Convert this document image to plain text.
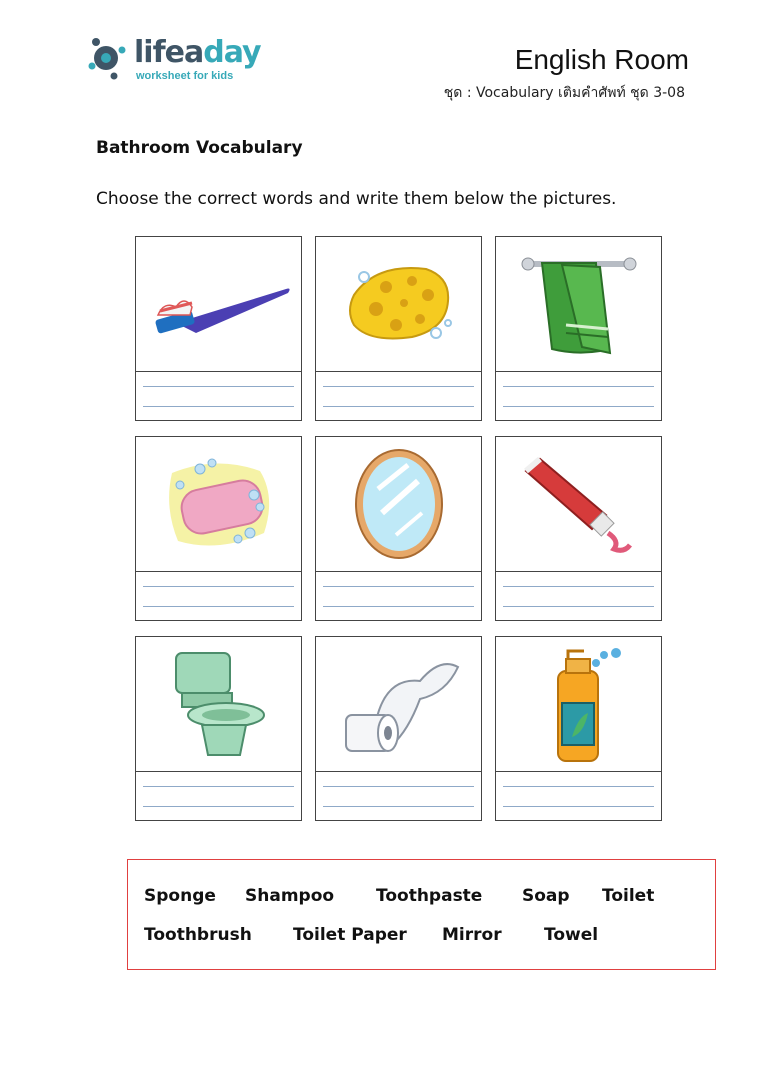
lifeaday
worksheet for kids
English Room
ชุด : Vocabulary เติมคำศัพท์ ชุด 3-08
Bathroom Vocabulary
Choose the correct words and write them below the pictures.
Sponge Shampoo Toothpaste Soap Toilet
Toothbrush Toilet Paper Mirror Towel
